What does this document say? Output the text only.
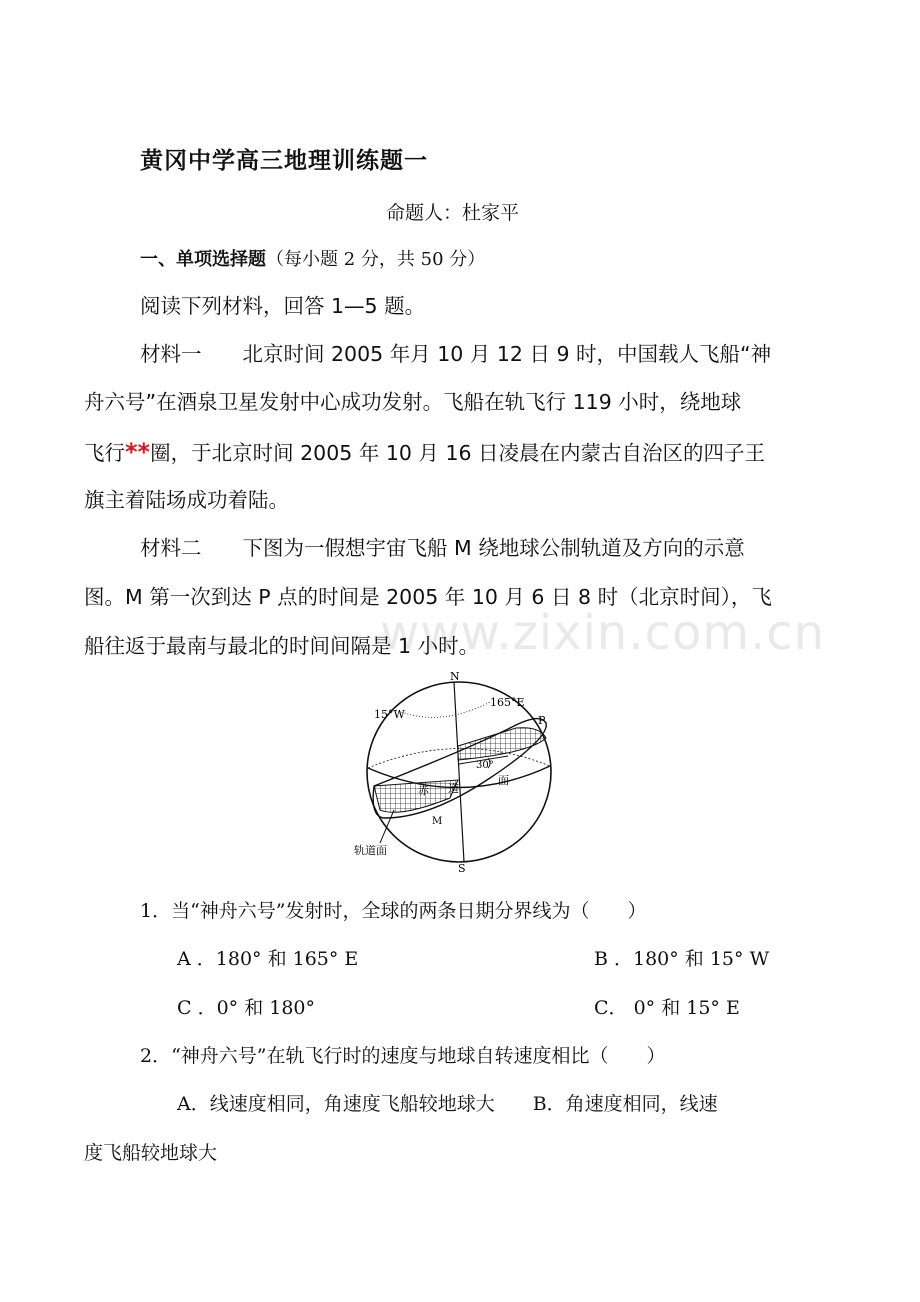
www.zixin.com.cn
黄冈中学高三地理训练题一
命题人：杜家平
一、单项选择题（每小题 2 分，共 50 分）
阅读下列材料，回答 1—5 题。
材料一　　北京时间 2005 年月 10 月 12 日 9 时，中国载人飞船“神
舟六号”在酒泉卫星发射中心成功发射。飞船在轨飞行 119 小时，绕地球
飞行**圈，于北京时间 2005 年 10 月 16 日凌晨在内蒙古自治区的四子王
旗主着陆场成功着陆。
材料二　　下图为一假想宇宙飞船 M 绕地球公制轨道及方向的示意
图。M 第一次到达 P 点的时间是 2005 年 10 月 6 日 8 时（北京时间），飞
船往返于最南与最北的时间间隔是 1 小时。
N
S
165°E
15°W	P
30°
赤 道
面
M
轨道面
1．当“神舟六号”发射时，全球的两条日期分界线为（　　）
A ．180° 和 165° E	B ．180° 和 15° W
C ．0° 和 180°	C． 0° 和 15° E
2．“神舟六号”在轨飞行时的速度与地球自转速度相比（　　）
A．线速度相同，角速度飞船较地球大　　B．角速度相同，线速
度飞船较地球大
